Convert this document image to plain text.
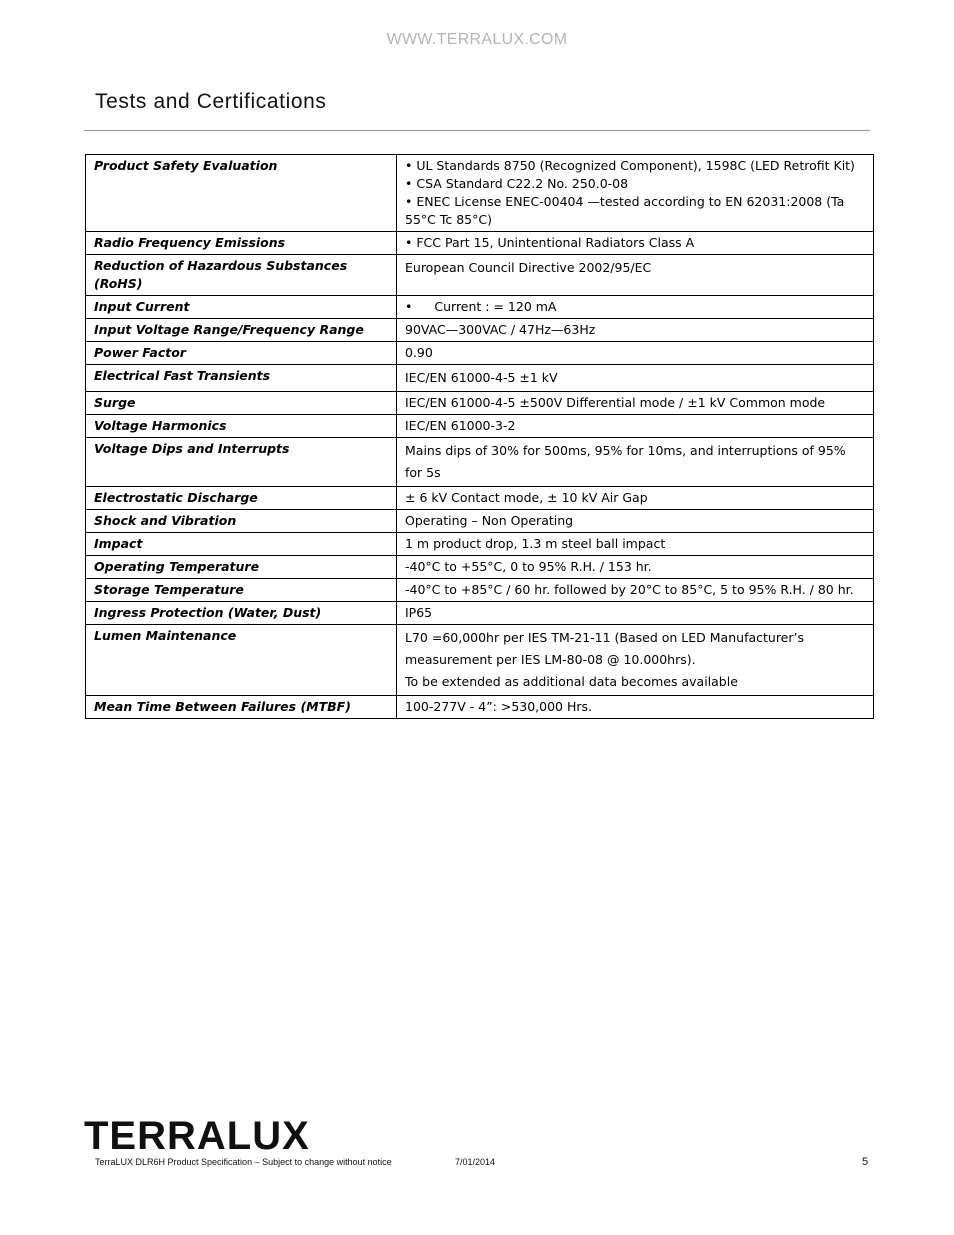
WWW.TERRALUX.COM
Tests and Certifications
Product Safety Evaluation	• UL Standards 8750 (Recognized Component), 1598C (LED Retrofit Kit)
• CSA Standard C22.2 No. 250.0-08
• ENEC License ENEC-00404 —tested according to EN 62031:2008 (Ta 55°C Tc 85°C)

Radio Frequency Emissions	• FCC Part 15, Unintentional Radiators Class A

Reduction of Hazardous Substances (RoHS)	European Council Directive 2002/95/EC

Input Current	• Current : = 120 mA

Input Voltage Range/Frequency Range	90VAC—300VAC / 47Hz—63Hz

Power Factor	0.90

Electrical Fast Transients	IEC/EN 61000-4-5 ±1 kV

Surge	IEC/EN 61000-4-5 ±500V Differential mode / ±1 kV Common mode

Voltage Harmonics	IEC/EN 61000-3-2

Voltage Dips and Interrupts	Mains dips of 30% for 500ms, 95% for 10ms, and interruptions of 95% for 5s

Electrostatic Discharge	± 6 kV Contact mode, ± 10 kV Air Gap

Shock and Vibration	Operating – Non Operating

Impact	1 m product drop, 1.3 m steel ball impact

Operating Temperature	-40°C to +55°C, 0 to 95% R.H. / 153 hr.

Storage Temperature	-40°C to +85°C / 60 hr. followed by 20°C to 85°C, 5 to 95% R.H. / 80 hr.

Ingress Protection (Water, Dust)	IP65

Lumen Maintenance	L70 =60,000hr per IES TM-21-11 (Based on LED Manufacturer’s measurement per IES LM-80-08 @ 10.000hrs).
To be extended as additional data becomes available

Mean Time Between Failures (MTBF)	100-277V - 4”: >530,000 Hrs.
TERRALUX
TerraLUX DLR6H Product Specification – Subject to change without notice	7/01/2014	5
